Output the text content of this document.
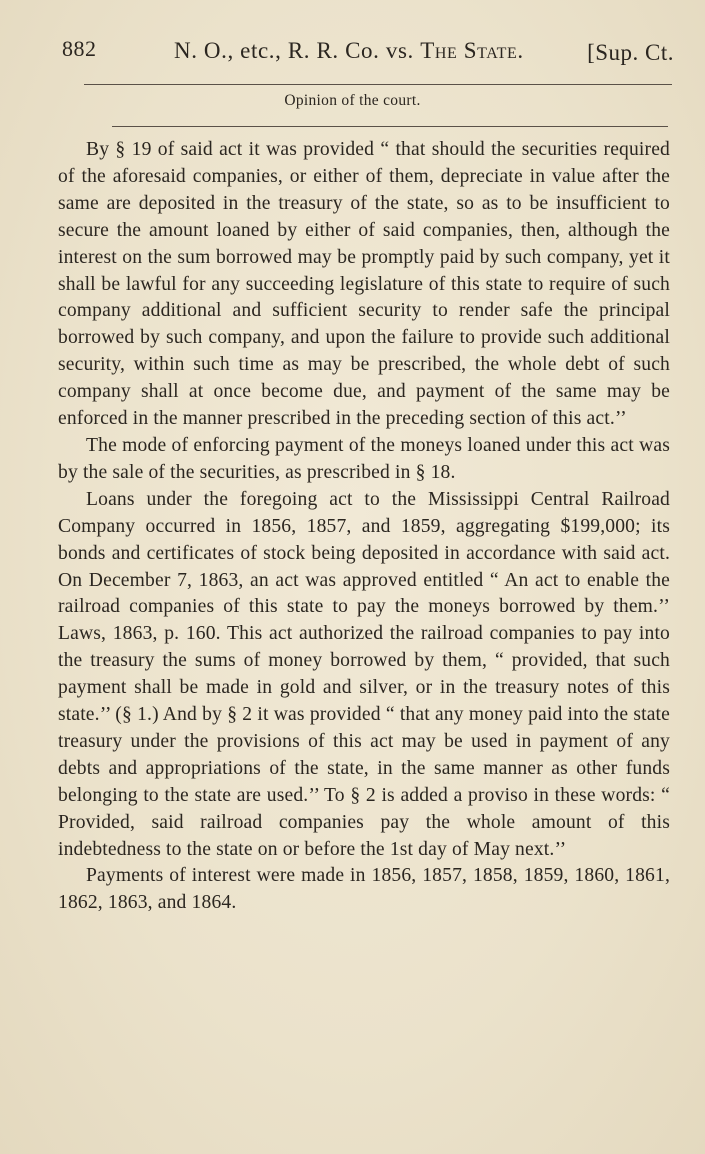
882	N. O., etc., R. R. Co. vs. The State.	[Sup. Ct.
Opinion of the court.

By § 19 of said act it was provided “ that should the securities required of the aforesaid companies, or either of them, depreciate in value after the same are deposited in the treasury of the state, so as to be insufficient to secure the amount loaned by either of said companies, then, although the interest on the sum borrowed may be promptly paid by such company, yet it shall be lawful for any succeeding legislature of this state to require of such company additional and sufficient security to render safe the principal borrowed by such company, and upon the failure to provide such additional security, within such time as may be prescribed, the whole debt of such company shall at once become due, and payment of the same may be enforced in the manner prescribed in the preceding section of this act.’’

The mode of enforcing payment of the moneys loaned under this act was by the sale of the securities, as prescribed in § 18.

Loans under the foregoing act to the Mississippi Central Railroad Company occurred in 1856, 1857, and 1859, aggregating $199,000; its bonds and certificates of stock being deposited in accordance with said act. On December 7, 1863, an act was approved entitled “ An act to enable the railroad companies of this state to pay the moneys borrowed by them.’’ Laws, 1863, p. 160. This act authorized the railroad companies to pay into the treasury the sums of money borrowed by them, “ provided, that such payment shall be made in gold and silver, or in the treasury notes of this state.’’ (§ 1.) And by § 2 it was provided “ that any money paid into the state treasury under the provisions of this act may be used in payment of any debts and appropriations of the state, in the same manner as other funds belonging to the state are used.’’ To § 2 is added a proviso in these words: “ Provided, said railroad companies pay the whole amount of this indebtedness to the state on or before the 1st day of May next.’’

Payments of interest were made in 1856, 1857, 1858, 1859, 1860, 1861, 1862, 1863, and 1864.
